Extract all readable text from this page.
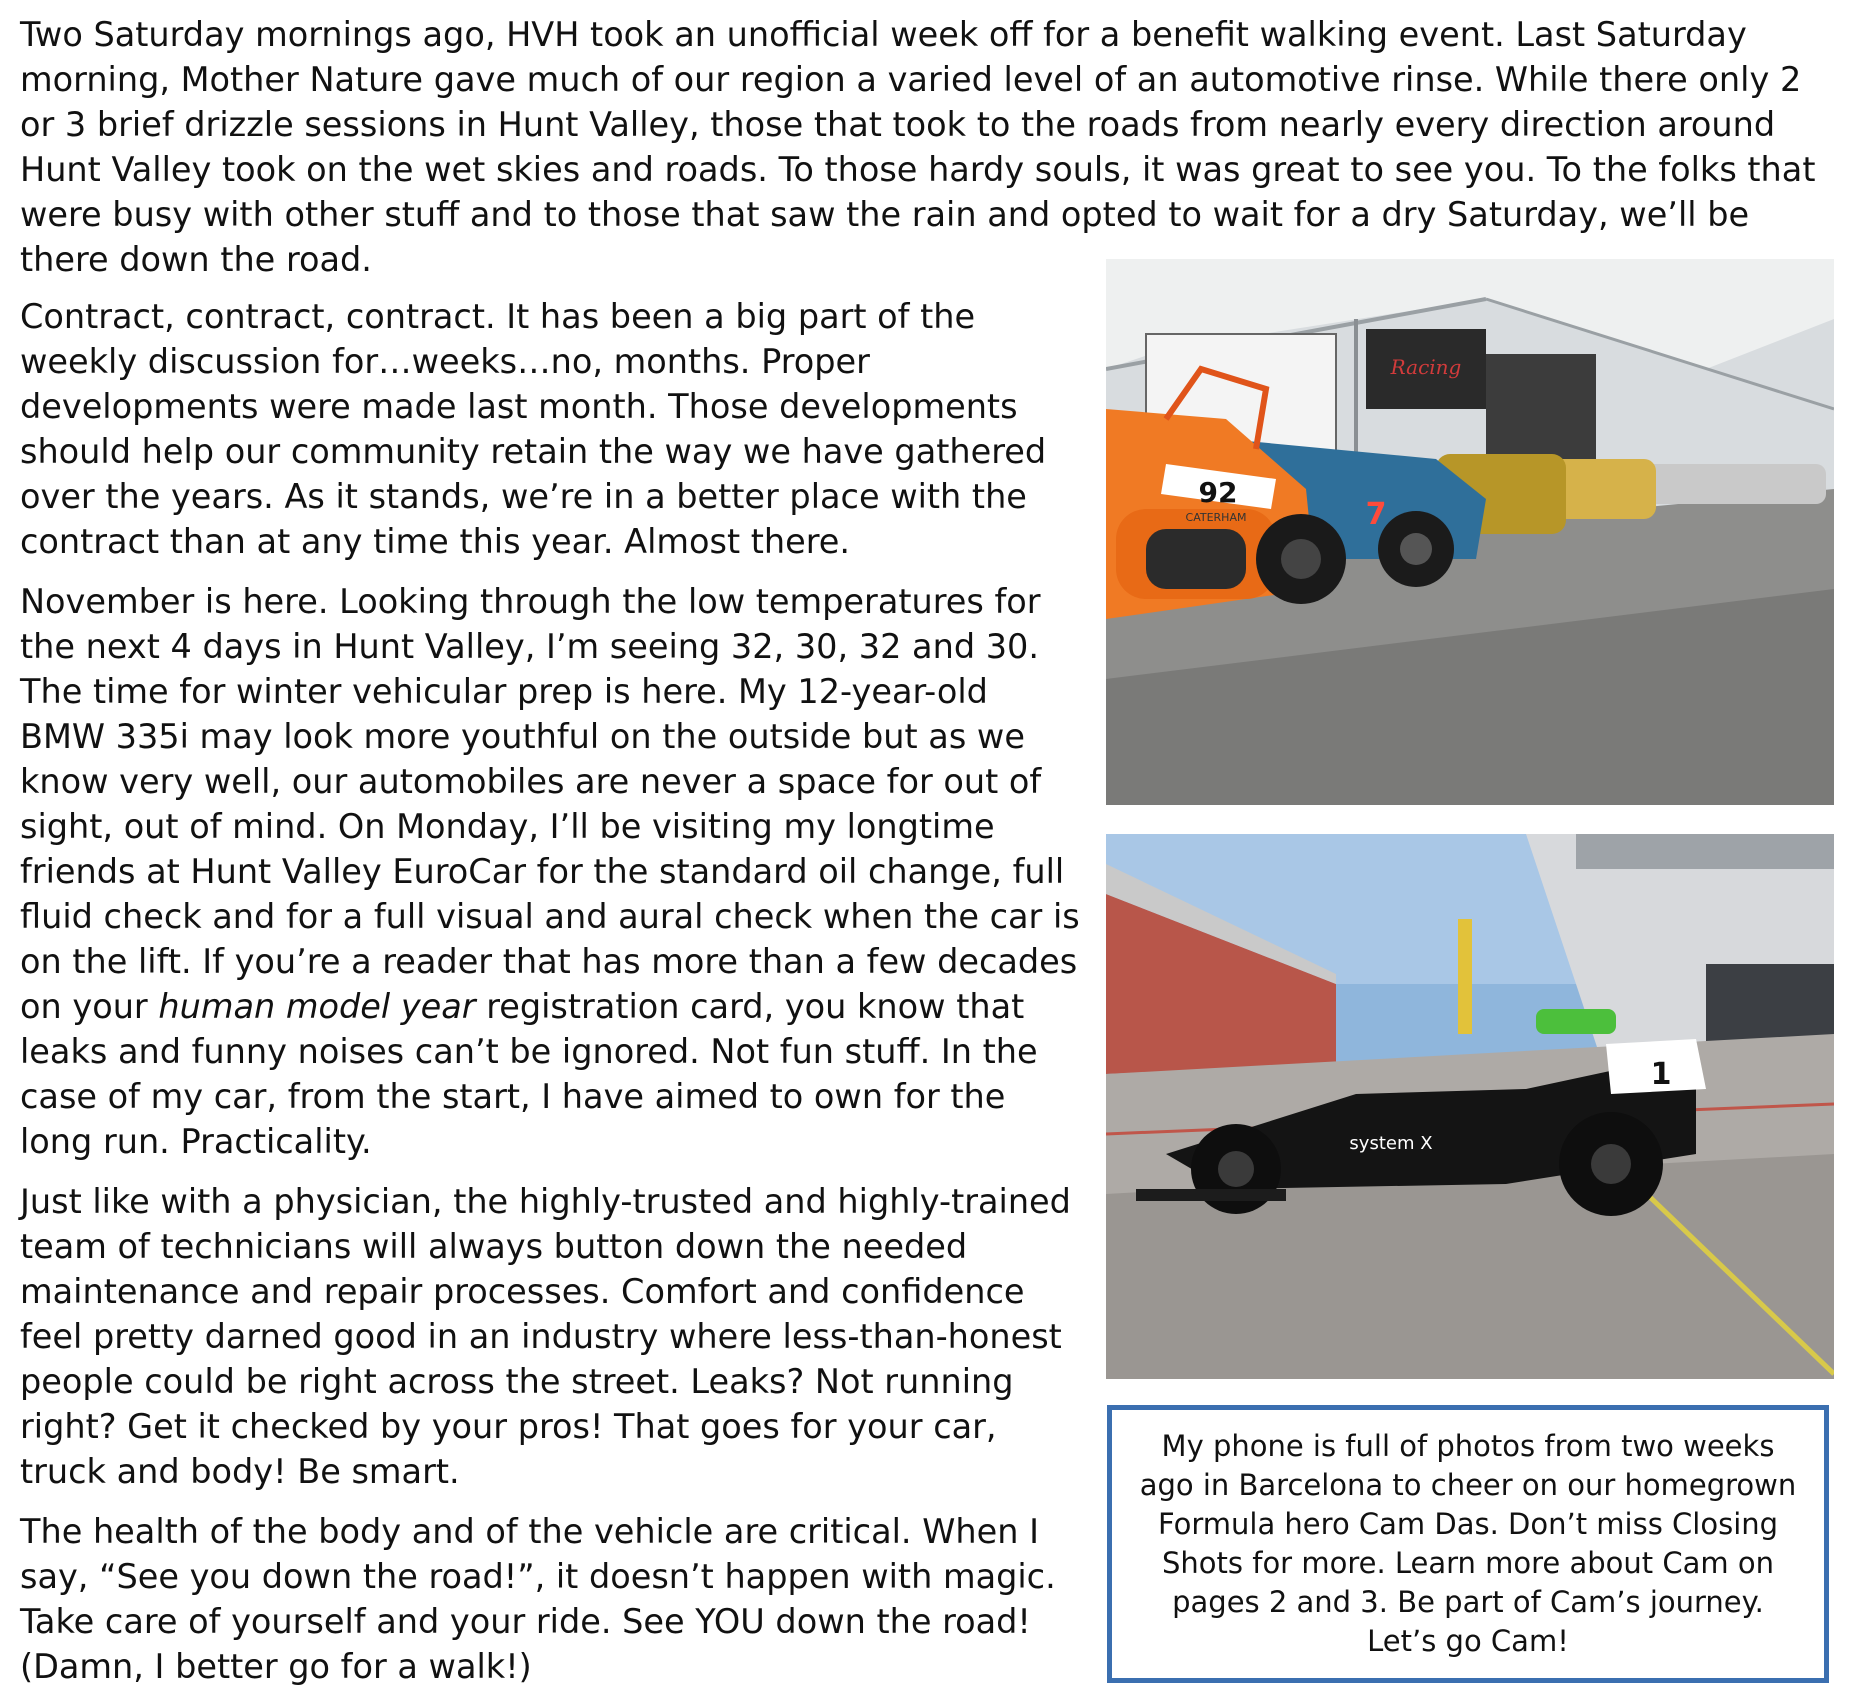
Two Saturday mornings ago, HVH took an unofficial week off for a benefit walking event. Last Saturday morning, Mother Nature gave much of our region a varied level of an automotive rinse. While there only 2 or 3 brief drizzle sessions in Hunt Valley, those that took to the roads from nearly every direction around Hunt Valley took on the wet skies and roads. To those hardy souls, it was great to see you. To the folks that were busy with other stuff and to those that saw the rain and opted to wait for a dry Saturday, we’ll be there down the road.

Contract, contract, contract. It has been a big part of the weekly discussion for…weeks…no, months. Proper developments were made last month. Those developments should help our community retain the way we have gathered over the years. As it stands, we’re in a better place with the contract than at any time this year. Almost there.

November is here. Looking through the low temperatures for the next 4 days in Hunt Valley, I’m seeing 32, 30, 32 and 30. The time for winter vehicular prep is here. My 12-year-old BMW 335i may look more youthful on the outside but as we know very well, our automobiles are never a space for out of sight, out of mind. On Monday, I’ll be visiting my longtime friends at Hunt Valley EuroCar for the standard oil change, full fluid check and for a full visual and aural check when the car is on the lift. If you’re a reader that has more than a few decades on your human model year registration card, you know that leaks and funny noises can’t be ignored. Not fun stuff. In the case of my car, from the start, I have aimed to own for the long run. Practicality.

Just like with a physician, the highly-trusted and highly-trained team of technicians will always button down the needed maintenance and repair processes. Comfort and confidence feel pretty darned good in an industry where less-than-honest people could be right across the street. Leaks? Not running right? Get it checked by your pros! That goes for your car, truck and body! Be smart.

The health of the body and of the vehicle are critical. When I say, “See you down the road!”, it doesn’t happen with magic. Take care of yourself and your ride. See YOU down the road! (Damn, I better go for a walk!)

Racing
7
92
CATERHAM
1
system X

My phone is full of photos from two weeks ago in Barcelona to cheer on our homegrown Formula hero Cam Das. Don’t miss Closing Shots for more. Learn more about Cam on pages 2 and 3. Be part of Cam’s journey. Let’s go Cam!
